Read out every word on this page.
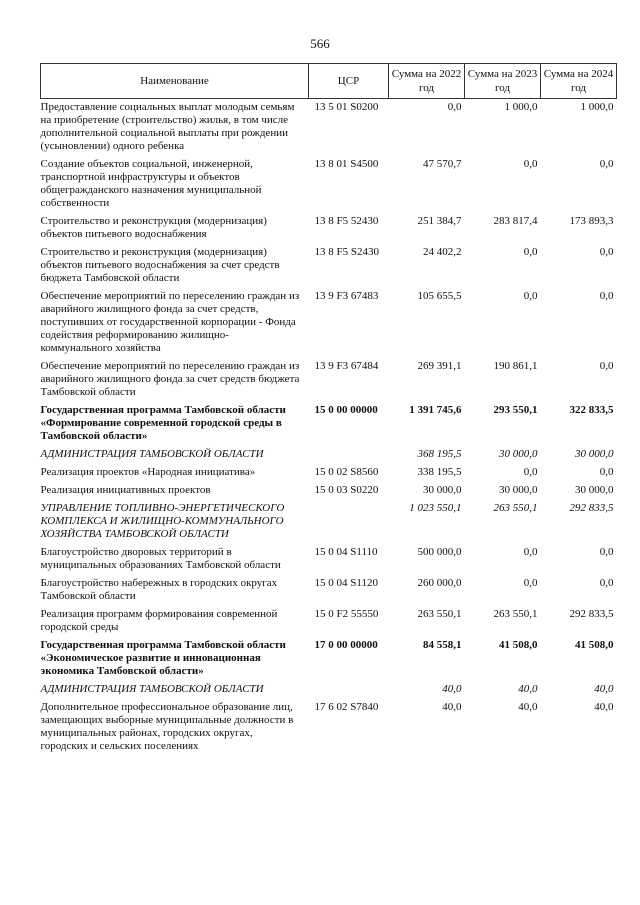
566
Наименование	ЦСР	Сумма на 2022 год	Сумма на 2023 год	Сумма на 2024 год
Предоставление социальных выплат молодым семьям на приобретение (строительство) жилья, в том числе дополнительной социальной выплаты при рождении (усыновлении) одного ребенка	13 5 01 S0200	0,0	1 000,0	1 000,0
Создание объектов социальной, инженерной, транспортной инфраструктуры и объектов общегражданского назначения муниципальной собственности	13 8 01 S4500	47 570,7	0,0	0,0
Строительство и реконструкция (модернизация) объектов питьевого водоснабжения	13 8 F5 52430	251 384,7	283 817,4	173 893,3
Строительство и реконструкция (модернизация) объектов питьевого водоснабжения за счет средств бюджета Тамбовской области	13 8 F5 S2430	24 402,2	0,0	0,0
Обеспечение мероприятий по переселению граждан из аварийного жилищного фонда за счет средств, поступивших от государственной корпорации - Фонда содействия реформированию жилищно-коммунального хозяйства	13 9 F3 67483	105 655,5	0,0	0,0
Обеспечение мероприятий по переселению граждан из аварийного жилищного фонда за счет средств бюджета Тамбовской области	13 9 F3 67484	269 391,1	190 861,1	0,0
Государственная программа Тамбовской области «Формирование современной городской среды в Тамбовской области»	15 0 00 00000	1 391 745,6	293 550,1	322 833,5
АДМИНИСТРАЦИЯ ТАМБОВСКОЙ ОБЛАСТИ		368 195,5	30 000,0	30 000,0
Реализация проектов «Народная инициатива»	15 0 02 S8560	338 195,5	0,0	0,0
Реализация инициативных проектов	15 0 03 S0220	30 000,0	30 000,0	30 000,0
УПРАВЛЕНИЕ ТОПЛИВНО-ЭНЕРГЕТИЧЕСКОГО КОМПЛЕКСА И ЖИЛИЩНО-КОММУНАЛЬНОГО ХОЗЯЙСТВА ТАМБОВСКОЙ ОБЛАСТИ		1 023 550,1	263 550,1	292 833,5
Благоустройство дворовых территорий в муниципальных образованиях Тамбовской области	15 0 04 S1110	500 000,0	0,0	0,0
Благоустройство набережных в городских округах Тамбовской области	15 0 04 S1120	260 000,0	0,0	0,0
Реализация программ формирования современной городской среды	15 0 F2 55550	263 550,1	263 550,1	292 833,5
Государственная программа Тамбовской области «Экономическое развитие и инновационная экономика Тамбовской области»	17 0 00 00000	84 558,1	41 508,0	41 508,0
АДМИНИСТРАЦИЯ ТАМБОВСКОЙ ОБЛАСТИ		40,0	40,0	40,0
Дополнительное профессиональное образование лиц, замещающих выборные муниципальные должности в муниципальных районах, городских округах, городских и сельских поселениях	17 6 02 S7840	40,0	40,0	40,0
